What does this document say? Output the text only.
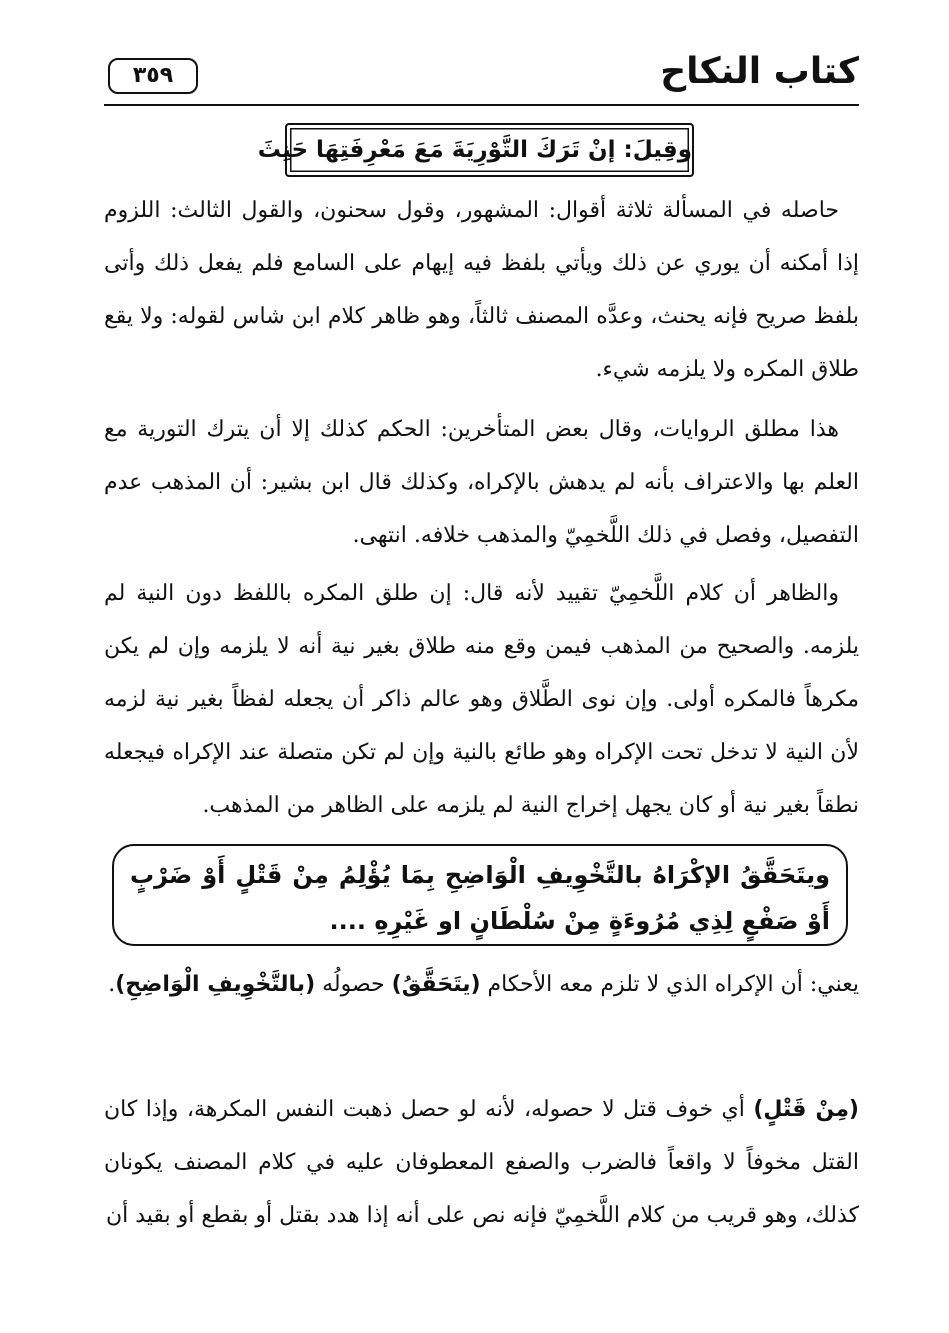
كتاب النكاح
٣٥٩
وقِيلَ: إنْ تَرَكَ التَّوْرِيَةَ مَعَ مَعْرِفَتِهَا حَنِثَ
حاصله في المسألة ثلاثة أقوال: المشهور، وقول سحنون، والقول الثالث: اللزوم إذا أمكنه أن يوري عن ذلك ويأتي بلفظ فيه إيهام على السامع فلم يفعل ذلك وأتى بلفظ صريح فإنه يحنث، وعدَّه المصنف ثالثاً، وهو ظاهر كلام ابن شاس لقوله: ولا يقع طلاق المكره ولا يلزمه شيء.
هذا مطلق الروايات، وقال بعض المتأخرين: الحكم كذلك إلا أن يترك التورية مع العلم بها والاعتراف بأنه لم يدهش بالإكراه، وكذلك قال ابن بشير: أن المذهب عدم التفصيل، وفصل في ذلك اللَّخمِيّ والمذهب خلافه. انتهى.
والظاهر أن كلام اللَّخمِيّ تقييد لأنه قال: إن طلق المكره باللفظ دون النية لم يلزمه. والصحيح من المذهب فيمن وقع منه طلاق بغير نية أنه لا يلزمه وإن لم يكن مكرهاً فالمكره أولى. وإن نوى الطَّلاق وهو عالم ذاكر أن يجعله لفظاً بغير نية لزمه لأن النية لا تدخل تحت الإكراه وهو طائع بالنية وإن لم تكن متصلة عند الإكراه فيجعله نطقاً بغير نية أو كان يجهل إخراج النية لم يلزمه على الظاهر من المذهب.
ويتَحَقَّقُ الإكْرَاهُ بالتَّخْوِيفِ الْوَاضِحِ بِمَا يُؤْلِمُ مِنْ قَتْلٍ أَوْ ضَرْبٍ أَوْ صَفْعٍ لِذِي مُرُوءَةٍ مِنْ سُلْطَانٍ او غَيْرِهِ ....
يعني: أن الإكراه الذي لا تلزم معه الأحكام (يتَحَقَّقُ) حصولُه (بالتَّخْوِيفِ الْوَاضِحِ).
(مِنْ قَتْلٍ) أي خوف قتل لا حصوله، لأنه لو حصل ذهبت النفس المكرهة، وإذا كان القتل مخوفاً لا واقعاً فالضرب والصفع المعطوفان عليه في كلام المصنف يكونان كذلك، وهو قريب من كلام اللَّخمِيّ فإنه نص على أنه إذا هدد بقتل أو بقطع أو بقيد أن
